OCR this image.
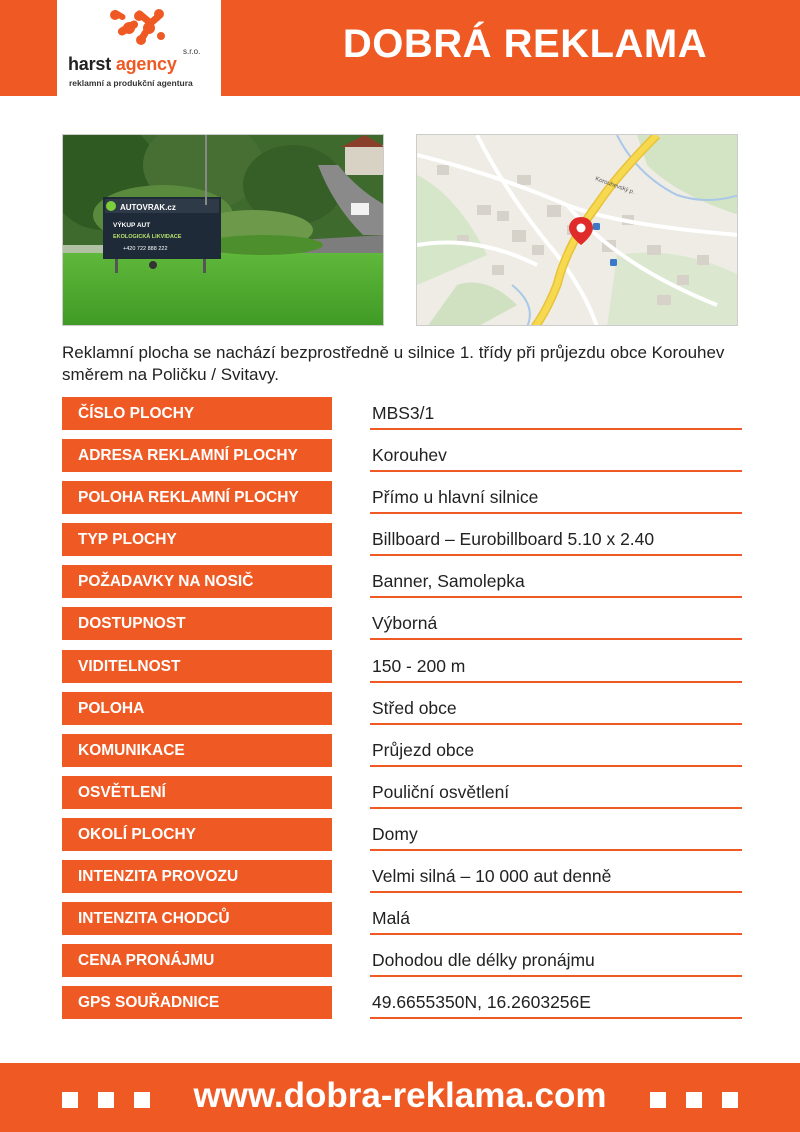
s.r.o.
harst agency
reklamní a produkční agentura
DOBRÁ REKLAMA
AUTOVRAK.cz
VÝKUP AUT
EKOLOGICKÁ LIKVIDACE
+420 722 888 222
Korouhevský p.

Reklamní plocha se nachází bezprostředně u silnice 1. třídy při průjezdu obce Korouhev směrem na Poličku / Svitavy.

ČÍSLO PLOCHY	MBS3/1
ADRESA REKLAMNÍ PLOCHY	Korouhev
POLOHA REKLAMNÍ PLOCHY	Přímo u hlavní silnice
TYP PLOCHY	Billboard – Eurobillboard 5.10 x 2.40
POŽADAVKY NA NOSIČ	Banner, Samolepka
DOSTUPNOST	Výborná
VIDITELNOST	150 - 200 m
POLOHA	Střed obce
KOMUNIKACE	Průjezd obce
OSVĚTLENÍ	Pouliční osvětlení
OKOLÍ PLOCHY	Domy
INTENZITA PROVOZU	Velmi silná – 10 000 aut denně
INTENZITA CHODCŮ	Malá
CENA PRONÁJMU	Dohodou dle délky pronájmu
GPS SOUŘADNICE	49.6655350N, 16.2603256E
www.dobra-reklama.com
